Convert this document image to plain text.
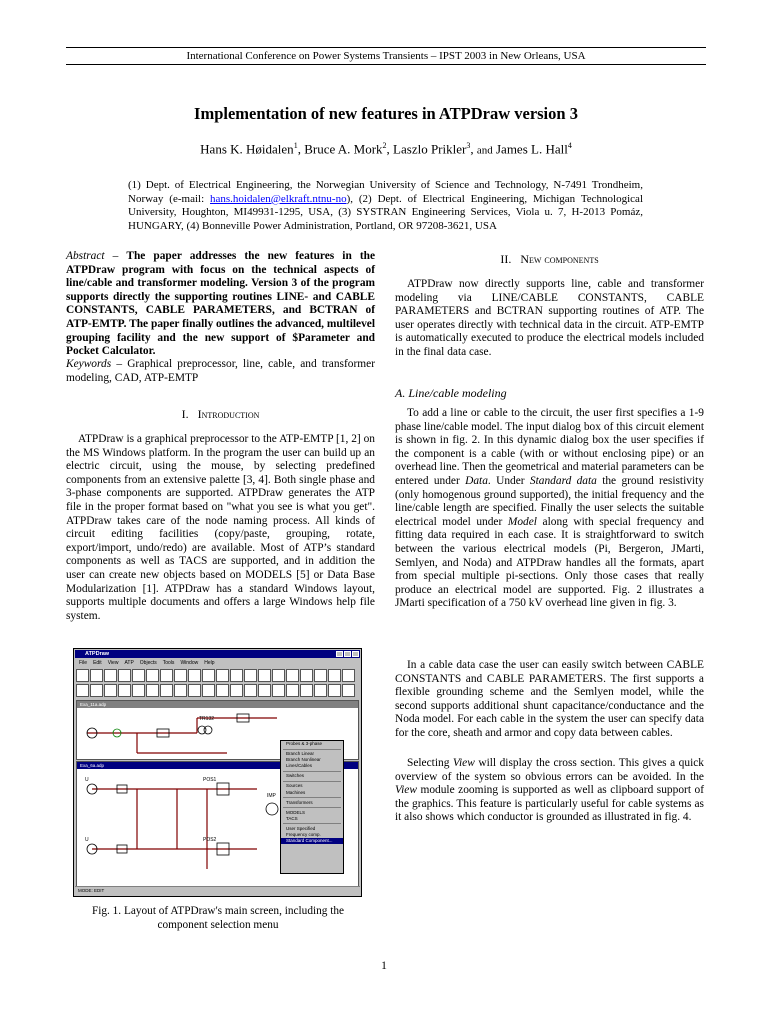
International Conference on Power Systems Transients – IPST 2003 in New Orleans, USA
Implementation of new features in ATPDraw version 3
Hans K. Høidalen$^1$, Bruce A. Mork$^2$, Laszlo Prikler$^3$, and James L. Hall$^4$
(1) Dept. of Electrical Engineering, the Norwegian University of Science and Technology, N-7491 Trondheim, Norway (e-mail: hans.hoidalen@elkraft.ntnu-no), (2) Dept. of Electrical Engineering, Michigan Technological University, Houghton, MI49931-1295, USA, (3) SYSTRAN Engineering Services, Viola u. 7, H-2013 Pomáz, HUNGARY, (4) Bonneville Power Administration, Portland, OR 97208-3621, USA
Abstract – The paper addresses the new features in the ATPDraw program with focus on the technical aspects of line/cable and transformer modeling. Version 3 of the program supports directly the supporting routines LINE- and CABLE CONSTANTS, CABLE PARAMETERS, and BCTRAN of ATP-EMTP. The paper finally outlines the advanced, multilevel grouping facility and the new support of $Parameter and Pocket Calculator.
Keywords – Graphical preprocessor, line, cable, and transformer modeling, CAD, ATP-EMTP
I. Introduction
ATPDraw is a graphical preprocessor to the ATP-EMTP [1, 2] on the MS Windows platform. In the program the user can build up an electric circuit, using the mouse, by selecting predefined components from an extensive palette [3, 4]. Both single phase and 3-phase components are supported. ATPDraw generates the ATP file in the proper format based on "what you see is what you get". ATPDraw takes care of the node naming process. All kinds of circuit editing facilities (copy/paste, grouping, rotate, export/import, undo/redo) are available. Most of ATP’s standard components as well as TACS are supported, and in addition the user can create new objects based on MODELS [5] or Data Base Modularization [1]. ATPDraw has a standard Windows layout, supports multiple documents and offers a large Windows help file system.
ATPDraw
File Edit View ATP Objects Tools Window Help
Exa_11a.adp
TR132
Exa_6a.adp
POS1
POS2
IMP
U
U
Probes & 3-phase
Branch Linear
Branch Nonlinear
Lines/Cables
Switches
Sources
Machines
Transformers
MODELS
TACS
User Specified
Frequency comp.
Standard Component...
MODE: EDIT
Fig. 1. Layout of ATPDraw's main screen, including the component selection menu
II. New components
ATPDraw now directly supports line, cable and transformer modeling via LINE/CABLE CONSTANTS, CABLE PARAMETERS and BCTRAN supporting routines of ATP. The user operates directly with technical data in the circuit. ATP-EMTP is automatically executed to produce the electrical models included in the final data case.
A. Line/cable modeling
To add a line or cable to the circuit, the user first specifies a 1-9 phase line/cable model. The input dialog box of this circuit element is shown in fig. 2. In this dynamic dialog box the user specifies if the component is a cable (with or without enclosing pipe) or an overhead line. Then the geometrical and material parameters can be entered under Data. Under Standard data the ground resistivity (only homogenous ground supported), the initial frequency and the line/cable length are specified. Finally the user selects the suitable electrical model under Model along with special frequency and fitting data required in each case. It is straightforward to switch between the various electrical models (Pi, Bergeron, JMarti, Semlyen, and Noda) and ATPDraw handles all the formats, apart from special multiple pi-sections. Only those cases that really produce an electrical model are supported. Fig. 2 illustrates a JMarti specification of a 750 kV overhead line given in fig. 3.
In a cable data case the user can easily switch between CABLE CONSTANTS and CABLE PARAMETERS. The first supports a flexible grounding scheme and the Semlyen model, while the second supports additional shunt capacitance/conductance and the Noda model. For each cable in the system the user can specify data for the core, sheath and armor and copy data between cables.
Selecting View will display the cross section. This gives a quick overview of the system so obvious errors can be avoided. In the View module zooming is supported as well as clipboard support of the graphics. This feature is particularly useful for cable systems as it also shows which conductor is grounded as illustrated in fig. 4.
1
